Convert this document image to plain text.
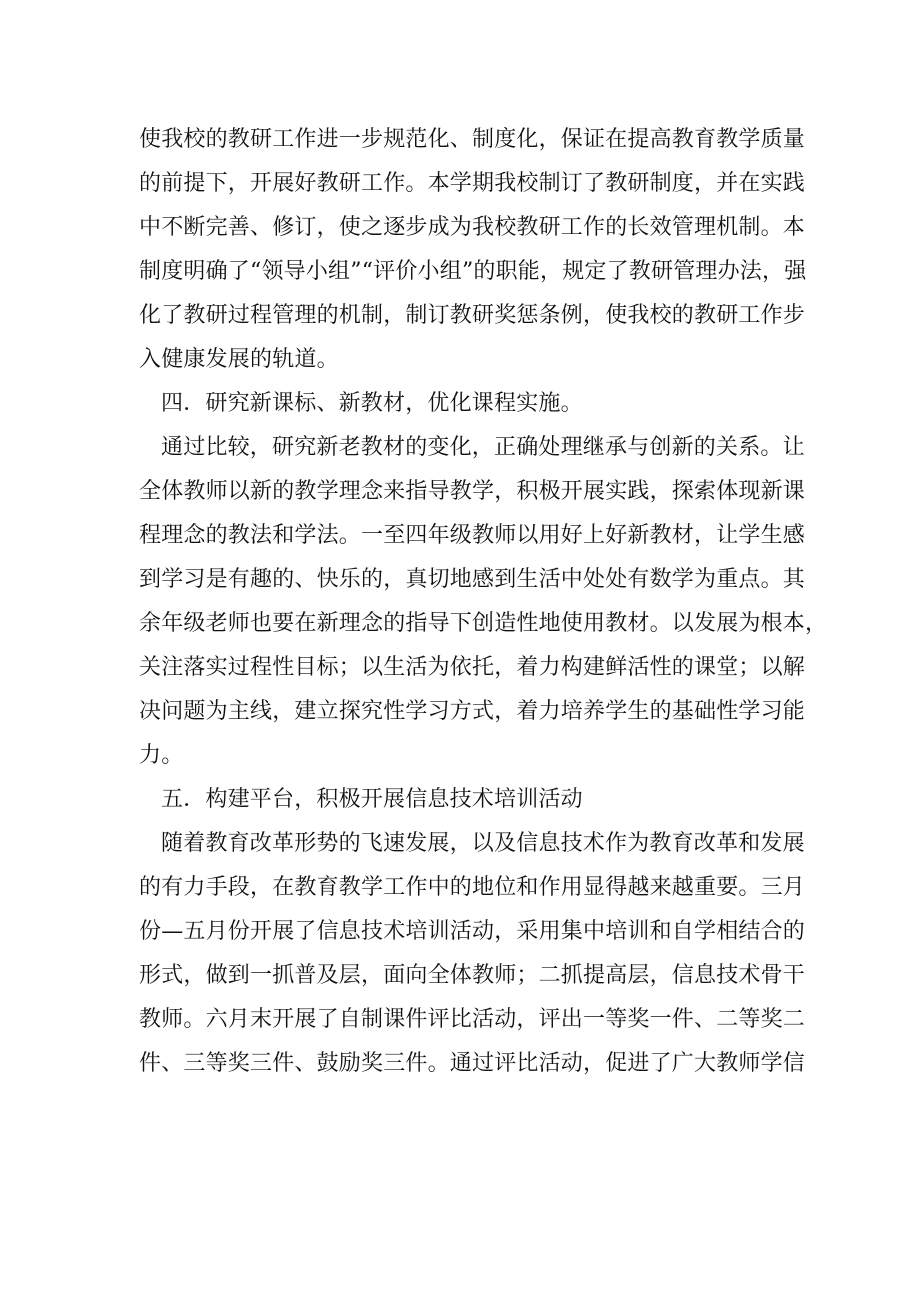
使我校的教研工作进一步规范化、制度化，保证在提高教育教学质量
的前提下，开展好教研工作。本学期我校制订了教研制度，并在实践
中不断完善、修订，使之逐步成为我校教研工作的长效管理机制。本
制度明确了“领导小组”“评价小组”的职能，规定了教研管理办法，强
化了教研过程管理的机制，制订教研奖惩条例，使我校的教研工作步
入健康发展的轨道。
四．研究新课标、新教材，优化课程实施。
通过比较，研究新老教材的变化，正确处理继承与创新的关系。让
全体教师以新的教学理念来指导教学，积极开展实践，探索体现新课
程理念的教法和学法。一至四年级教师以用好上好新教材，让学生感
到学习是有趣的、快乐的，真切地感到生活中处处有数学为重点。其
余年级老师也要在新理念的指导下创造性地使用教材。以发展为根本，
关注落实过程性目标；以生活为依托，着力构建鲜活性的课堂；以解
决问题为主线，建立探究性学习方式，着力培养学生的基础性学习能
力。
五．构建平台，积极开展信息技术培训活动
随着教育改革形势的飞速发展，以及信息技术作为教育改革和发展
的有力手段，在教育教学工作中的地位和作用显得越来越重要。三月
份—五月份开展了信息技术培训活动，采用集中培训和自学相结合的
形式，做到一抓普及层，面向全体教师；二抓提高层，信息技术骨干
教师。六月末开展了自制课件评比活动，评出一等奖一件、二等奖二
件、三等奖三件、鼓励奖三件。通过评比活动，促进了广大教师学信
